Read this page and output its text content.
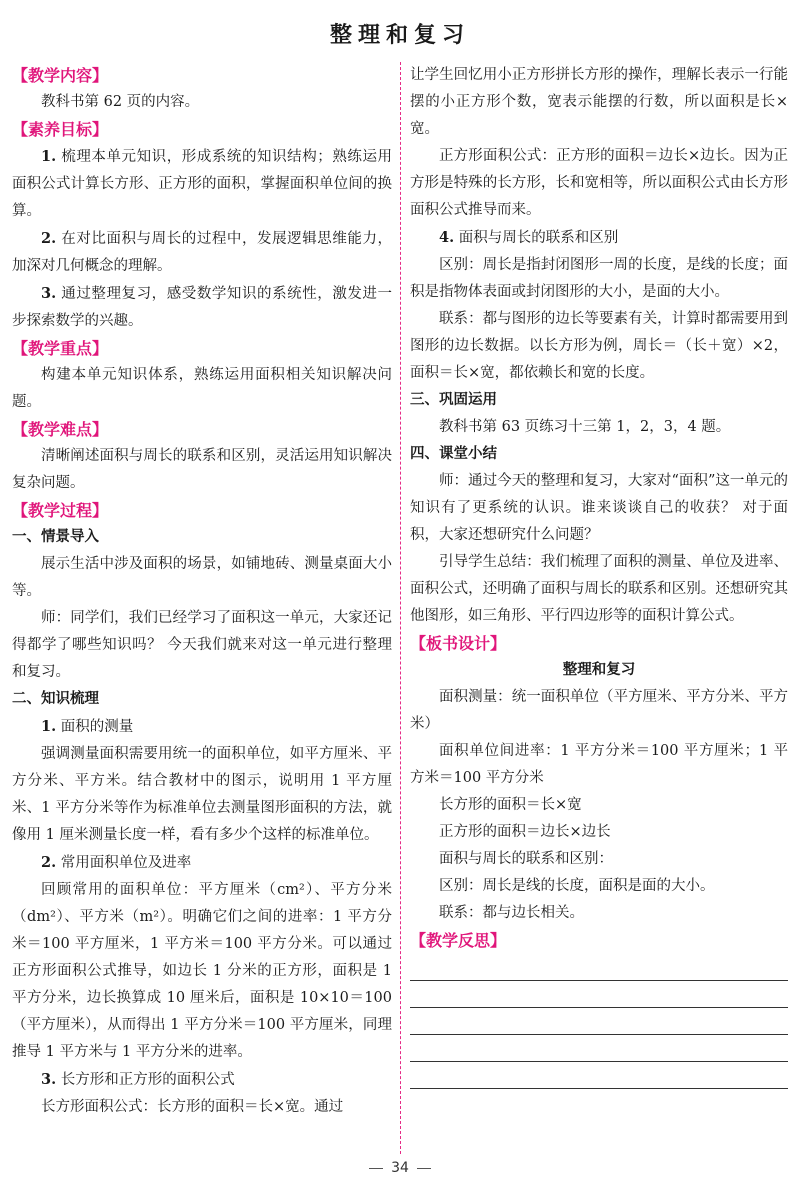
整理和复习
【教学内容】

教科书第 62 页的内容。

【素养目标】

1. 梳理本单元知识，形成系统的知识结构；熟练运用面积公式计算长方形、正方形的面积，掌握面积单位间的换算。

2. 在对比面积与周长的过程中，发展逻辑思维能力，加深对几何概念的理解。

3. 通过整理复习，感受数学知识的系统性，激发进一步探索数学的兴趣。

【教学重点】

构建本单元知识体系，熟练运用面积相关知识解决问题。

【教学难点】

清晰阐述面积与周长的联系和区别，灵活运用知识解决复杂问题。

【教学过程】
一、情景导入

展示生活中涉及面积的场景，如铺地砖、测量桌面大小等。

师：同学们，我们已经学习了面积这一单元，大家还记得都学了哪些知识吗？ 今天我们就来对这一单元进行整理和复习。

二、知识梳理

1. 面积的测量

强调测量面积需要用统一的面积单位，如平方厘米、平方分米、平方米。结合教材中的图示，说明用 1 平方厘米、1 平方分米等作为标准单位去测量图形面积的方法，就像用 1 厘米测量长度一样，看有多少个这样的标准单位。

2. 常用面积单位及进率

回顾常用的面积单位：平方厘米（cm²）、平方分米（dm²）、平方米（m²）。明确它们之间的进率：1 平方分米＝100 平方厘米，1 平方米＝100 平方分米。可以通过正方形面积公式推导，如边长 1 分米的正方形，面积是 1 平方分米，边长换算成 10 厘米后，面积是 10×10＝100（平方厘米），从而得出 1 平方分米＝100 平方厘米，同理推导 1 平方米与 1 平方分米的进率。

3. 长方形和正方形的面积公式

长方形面积公式：长方形的面积＝长×宽。通过

让学生回忆用小正方形拼长方形的操作，理解长表示一行能摆的小正方形个数，宽表示能摆的行数，所以面积是长×宽。

正方形面积公式：正方形的面积＝边长×边长。因为正方形是特殊的长方形，长和宽相等，所以面积公式由长方形面积公式推导而来。

4. 面积与周长的联系和区别

区别：周长是指封闭图形一周的长度，是线的长度；面积是指物体表面或封闭图形的大小，是面的大小。

联系：都与图形的边长等要素有关，计算时都需要用到图形的边长数据。以长方形为例，周长＝（长＋宽）×2，面积＝长×宽，都依赖长和宽的长度。

三、巩固运用

教科书第 63 页练习十三第 1，2，3，4 题。

四、课堂小结

师：通过今天的整理和复习，大家对“面积”这一单元的知识有了更系统的认识。谁来谈谈自己的收获？ 对于面积，大家还想研究什么问题？

引导学生总结：我们梳理了面积的测量、单位及进率、面积公式，还明确了面积与周长的联系和区别。还想研究其他图形，如三角形、平行四边形等的面积计算公式。

【板书设计】
整理和复习

面积测量：统一面积单位（平方厘米、平方分米、平方米）

面积单位间进率：1 平方分米＝100 平方厘米；1 平方米＝100 平方分米

长方形的面积＝长×宽

正方形的面积＝边长×边长

面积与周长的联系和区别：

区别：周长是线的长度，面积是面的大小。

联系：都与边长相关。

【教学反思】
34
